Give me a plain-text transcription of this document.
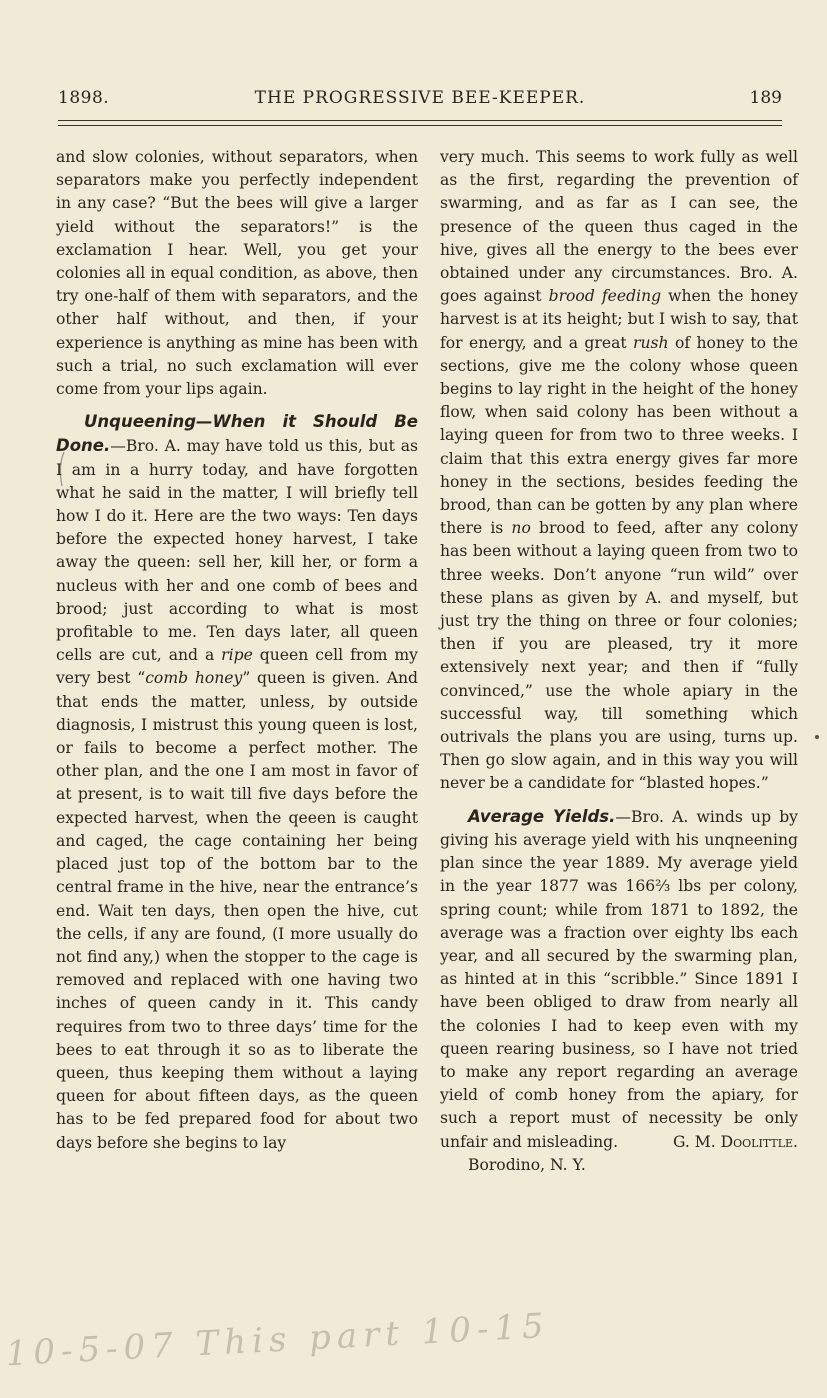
1898.	THE PROGRESSIVE BEE-KEEPER.	189

and slow colonies, without separators, when separators make you perfectly independent in any case? “But the bees will give a larger yield without the separators!” is the exclamation I hear. Well, you get your colonies all in equal condition, as above, then try one-half of them with separators, and the other half without, and then, if your experience is anything as mine has been with such a trial, no such exclamation will ever come from your lips again.

Unqueening—When it Should Be Done.—Bro. A. may have told us this, but as I am in a hurry today, and have forgotten what he said in the matter, I will briefly tell how I do it. Here are the two ways: Ten days before the expected honey harvest, I take away the queen: sell her, kill her, or form a nucleus with her and one comb of bees and brood; just according to what is most profitable to me. Ten days later, all queen cells are cut, and a ripe queen cell from my very best “comb honey” queen is given. And that ends the matter, unless, by outside diagnosis, I mistrust this young queen is lost, or fails to become a perfect mother. The other plan, and the one I am most in favor of at present, is to wait till five days before the expected harvest, when the qeeen is caught and caged, the cage containing her being placed just top of the bottom bar to the central frame in the hive, near the entrance’s end. Wait ten days, then open the hive, cut the cells, if any are found, (I more usually do not find any,) when the stopper to the cage is removed and replaced with one having two inches of queen candy in it. This candy requires from two to three days’ time for the bees to eat through it so as to liberate the queen, thus keeping them without a laying queen for about fifteen days, as the queen has to be fed prepared food for about two days before she begins to lay

very much. This seems to work fully as well as the first, regarding the prevention of swarming, and as far as I can see, the presence of the queen thus caged in the hive, gives all the energy to the bees ever obtained under any circumstances. Bro. A. goes against brood feeding when the honey harvest is at its height; but I wish to say, that for energy, and a great rush of honey to the sections, give me the colony whose queen begins to lay right in the height of the honey flow, when said colony has been without a laying queen for from two to three weeks. I claim that this extra energy gives far more honey in the sections, besides feeding the brood, than can be gotten by any plan where there is no brood to feed, after any colony has been without a laying queen from two to three weeks. Don’t anyone “run wild” over these plans as given by A. and myself, but just try the thing on three or four colonies; then if you are pleased, try it more extensively next year; and then if “fully convinced,” use the whole apiary in the successful way, till something which outrivals the plans you are using, turns up. Then go slow again, and in this way you will never be a candidate for “blasted hopes.”

Average Yields.—Bro. A. winds up by giving his average yield with his unqneening plan since the year 1889. My average yield in the year 1877 was 166⅔ lbs per colony, spring count; while from 1871 to 1892, the average was a fraction over eighty lbs each year, and all secured by the swarming plan, as hinted at in this “scribble.” Since 1891 I have been obliged to draw from nearly all the colonies I had to keep even with my queen rearing business, so I have not tried to make any report regarding an average yield of comb honey from the apiary, for such a report must of necessity be only unfair and misleading.	G. M. Doolittle.

Borodino, N. Y.

10-5-07 This part 10-15
